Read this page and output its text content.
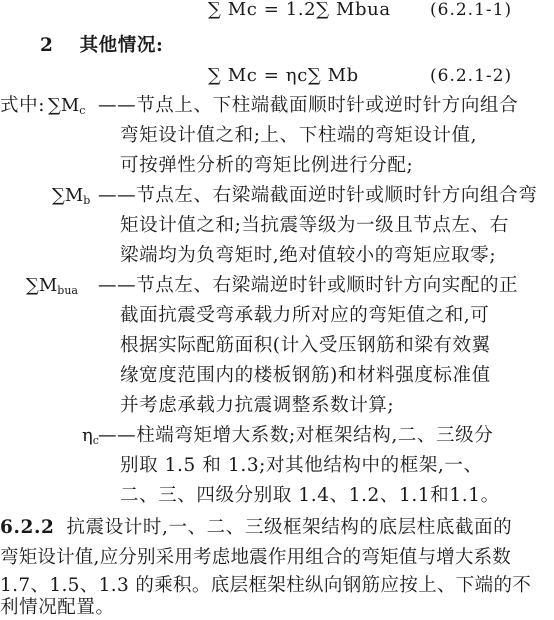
∑ Mc = 1.2∑ Mbua (6.2.1-1)
2 其他情况:
∑ Mc = ηc∑ Mb	(6.2.1-2)
式中: $\sum M_c$ ——节点上、下柱端截面顺时针或逆时针方向组合
弯矩设计值之和;上、下柱端的弯矩设计值,
可按弹性分析的弯矩比例进行分配;
$\sum M_b$ ——节点左、右梁端截面逆时针或顺时针方向组合弯
矩设计值之和;当抗震等级为一级且节点左、右
梁端均为负弯矩时,绝对值较小的弯矩应取零;
$\sum M_{bua}$ ——节点左、右梁端逆时针或顺时针方向实配的正
截面抗震受弯承载力所对应的弯矩值之和,可
根据实际配筋面积(计入受压钢筋和梁有效翼
缘宽度范围内的楼板钢筋)和材料强度标准值
并考虑承载力抗震调整系数计算;
$\eta_c$ ——柱端弯矩增大系数;对框架结构,二、三级分
别取 1.5 和 1.3;对其他结构中的框架,一、
二、三、四级分别取 1.4、1.2、1.1和1.1。
6.2.2 抗震设计时,一、二、三级框架结构的底层柱底截面的
弯矩设计值,应分别采用考虑地震作用组合的弯矩值与增大系数
1.7、1.5、1.3 的乘积。底层框架柱纵向钢筋应按上、下端的不
利情况配置。
